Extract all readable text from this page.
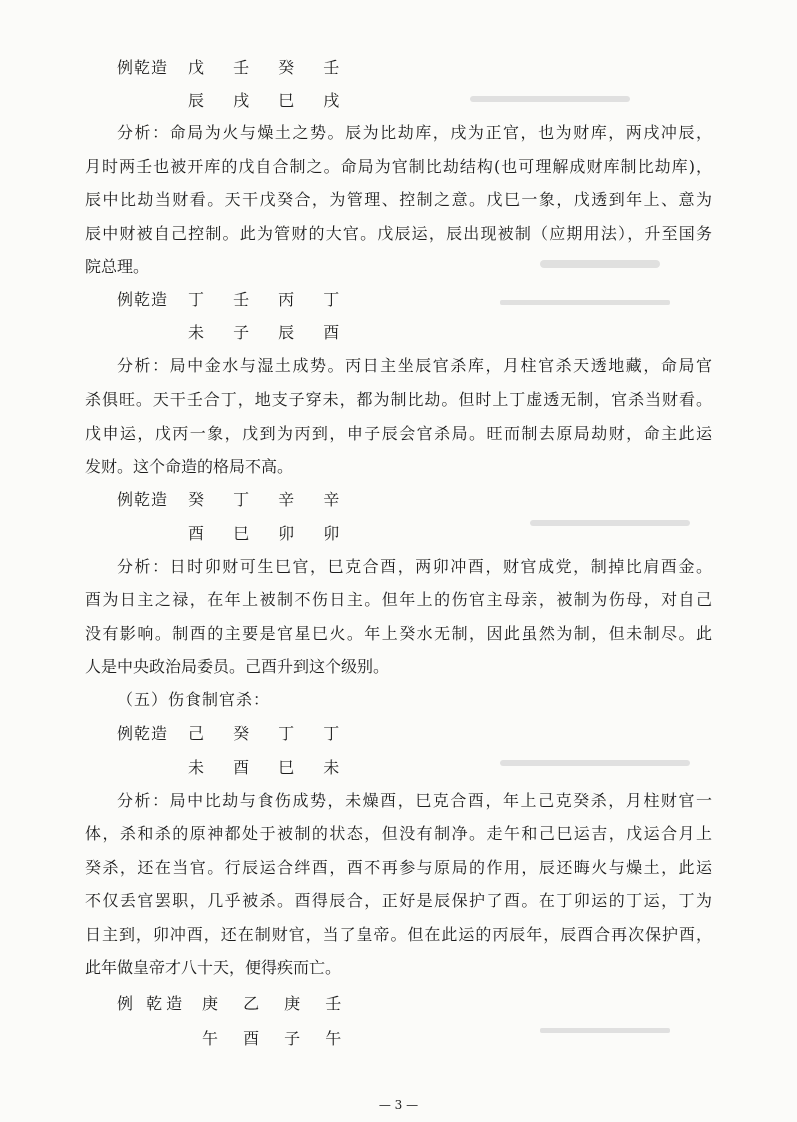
例乾造	戊 壬 癸 壬
辰 戌 巳 戌
分析：命局为火与燥土之势。辰为比劫库，戌为正官，也为财库，两戌冲辰，
月时两壬也被开库的戊自合制之。命局为官制比劫结构(也可理解成财库制比劫库)，
辰中比劫当财看。天干戊癸合，为管理、控制之意。戊巳一象，戊透到年上、意为
辰中财被自己控制。此为管财的大官。戊辰运，辰出现被制（应期用法），升至国务
院总理。
例乾造	丁 壬 丙 丁
未 子 辰 酉
分析：局中金水与湿土成势。丙日主坐辰官杀库，月柱官杀天透地藏，命局官
杀俱旺。天干壬合丁，地支子穿未，都为制比劫。但时上丁虚透无制，官杀当财看。
戊申运，戊丙一象，戊到为丙到，申子辰会官杀局。旺而制去原局劫财，命主此运
发财。这个命造的格局不高。
例乾造	癸 丁 辛 辛
酉 巳 卯 卯
分析：日时卯财可生巳官，巳克合酉，两卯冲酉，财官成党，制掉比肩酉金。
酉为日主之禄，在年上被制不伤日主。但年上的伤官主母亲，被制为伤母，对自己
没有影响。制酉的主要是官星巳火。年上癸水无制，因此虽然为制，但未制尽。此
人是中央政治局委员。己酉升到这个级别。
（五）伤食制官杀：
例乾造	己 癸 丁 丁
未 酉 巳 未
分析：局中比劫与食伤成势，未燥酉，巳克合酉，年上己克癸杀，月柱财官一
体，杀和杀的原神都处于被制的状态，但没有制净。走午和己巳运吉，戊运合月上
癸杀，还在当官。行辰运合绊酉，酉不再参与原局的作用，辰还晦火与燥土，此运
不仅丢官罢职，几乎被杀。酉得辰合，正好是辰保护了酉。在丁卯运的丁运，丁为
日主到，卯冲酉，还在制财官，当了皇帝。但在此运的丙辰年，辰酉合再次保护酉，
此年做皇帝才八十天，便得疾而亡。
例 乾造 庚 乙 庚 壬
午 酉 子 午
— 3 —
